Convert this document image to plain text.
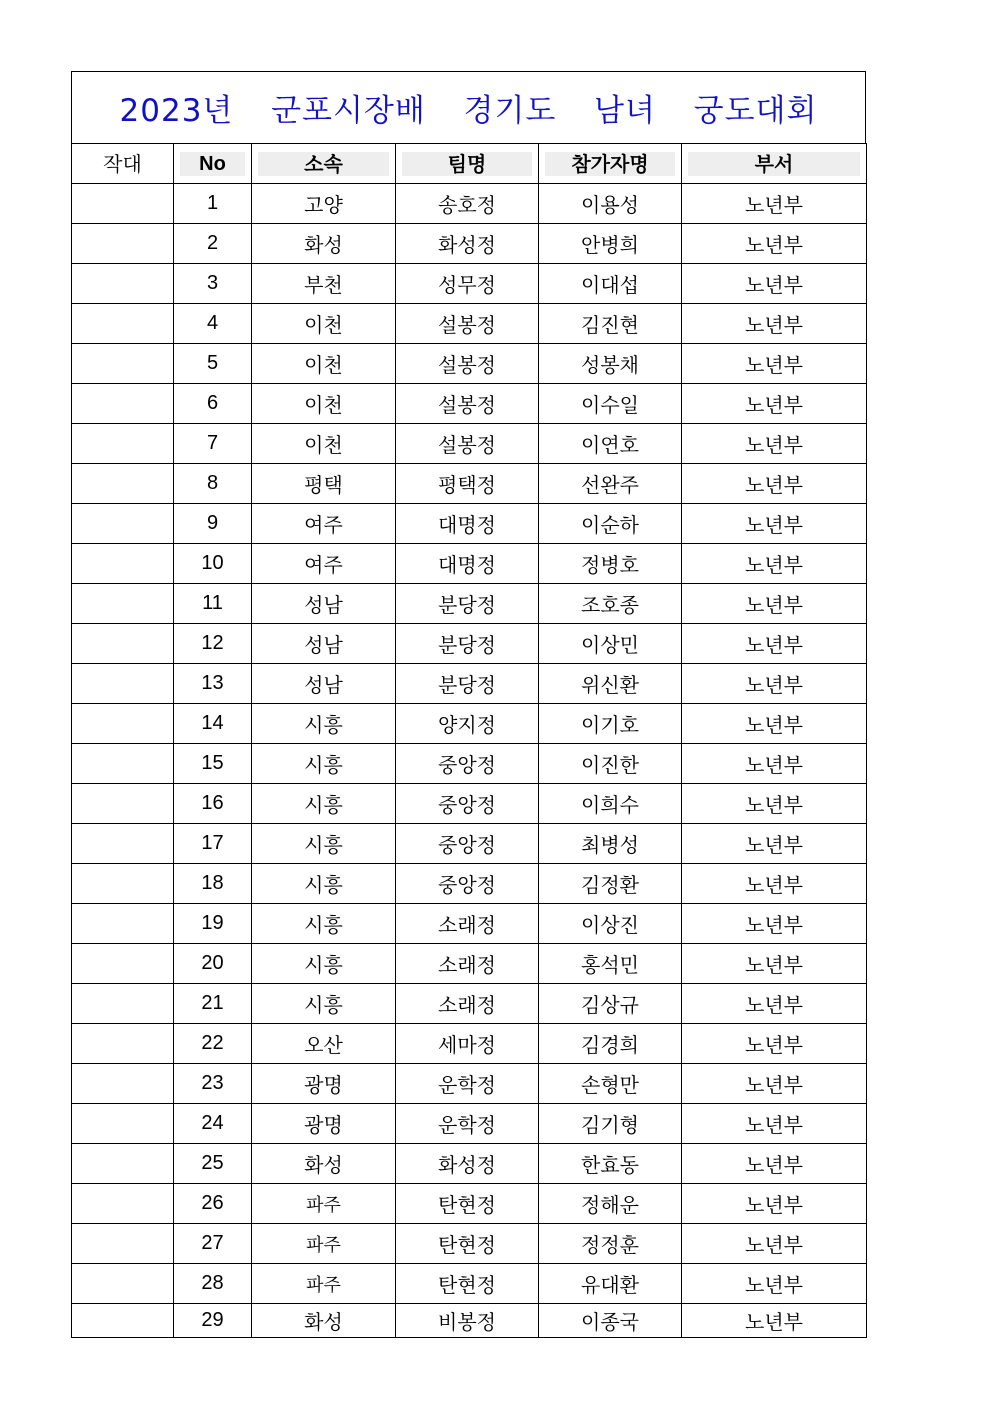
2023년  군포시장배  경기도  남녀  궁도대회
작대	No	소속	팀명	참가자명	부서

	1	고양	송호정	이용성	노년부
	2	화성	화성정	안병희	노년부
	3	부천	성무정	이대섭	노년부
	4	이천	설봉정	김진현	노년부
	5	이천	설봉정	성봉채	노년부
	6	이천	설봉정	이수일	노년부
	7	이천	설봉정	이연호	노년부
	8	평택	평택정	선완주	노년부
	9	여주	대명정	이순하	노년부
	10	여주	대명정	정병호	노년부
	11	성남	분당정	조호종	노년부
	12	성남	분당정	이상민	노년부
	13	성남	분당정	위신환	노년부
	14	시흥	양지정	이기호	노년부
	15	시흥	중앙정	이진한	노년부
	16	시흥	중앙정	이희수	노년부
	17	시흥	중앙정	최병성	노년부
	18	시흥	중앙정	김정환	노년부
	19	시흥	소래정	이상진	노년부
	20	시흥	소래정	홍석민	노년부
	21	시흥	소래정	김상규	노년부
	22	오산	세마정	김경희	노년부
	23	광명	운학정	손형만	노년부
	24	광명	운학정	김기형	노년부
	25	화성	화성정	한효동	노년부
	26	파주	탄현정	정해운	노년부
	27	파주	탄현정	정정훈	노년부
	28	파주	탄현정	유대환	노년부
	29	화성	비봉정	이종국	노년부
